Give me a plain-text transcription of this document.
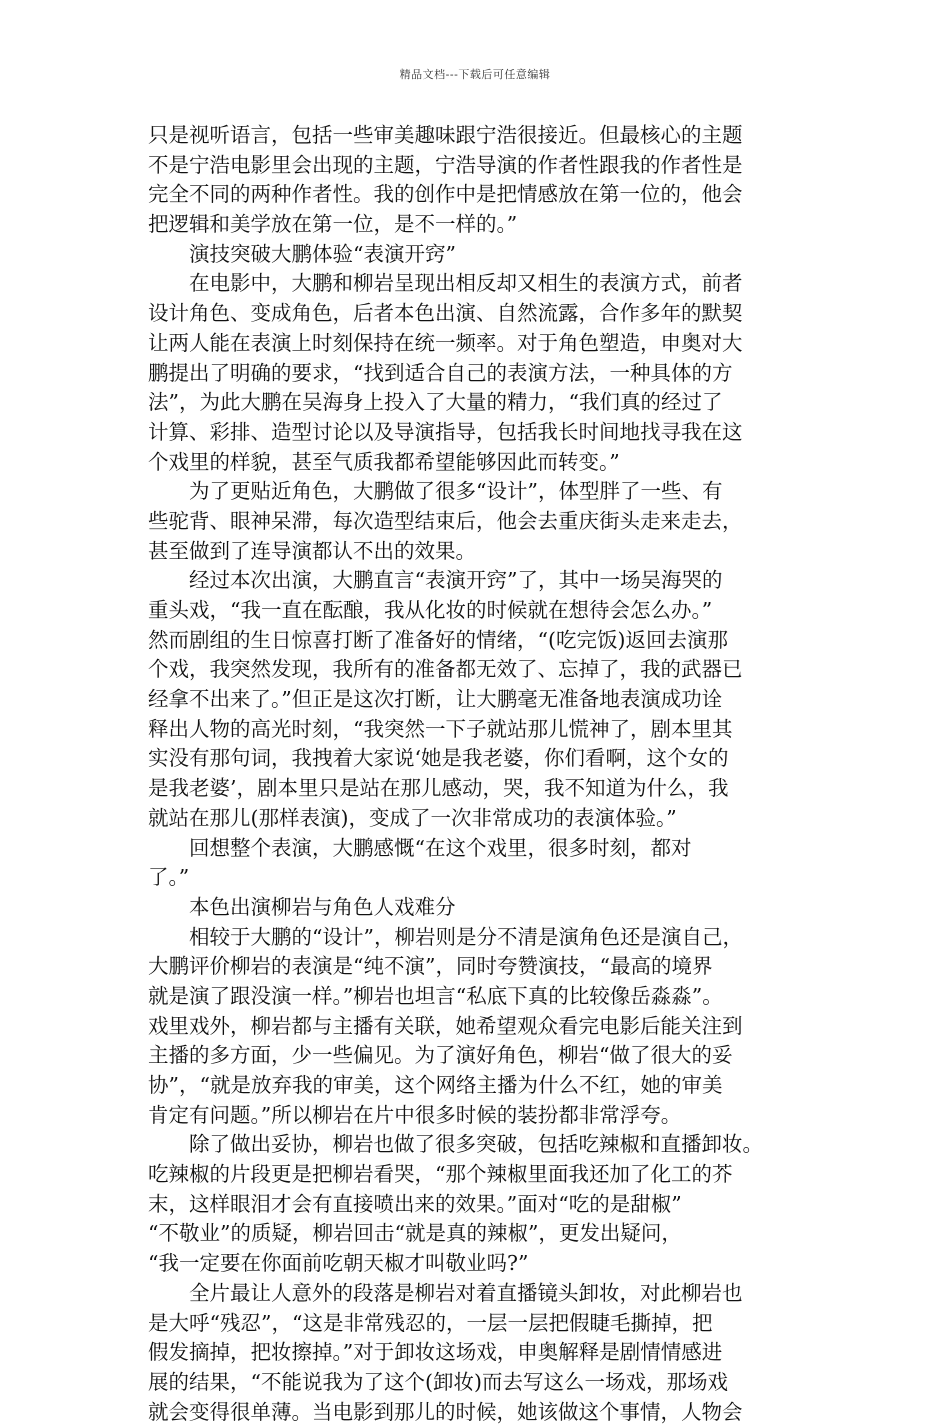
精品文档---下载后可任意编辑
只是视听语言，包括一些审美趣味跟宁浩很接近。但最核心的主题
不是宁浩电影里会出现的主题，宁浩导演的作者性跟我的作者性是
完全不同的两种作者性。我的创作中是把情感放在第一位的，他会
把逻辑和美学放在第一位，是不一样的。”
演技突破大鹏体验“表演开窍”
在电影中，大鹏和柳岩呈现出相反却又相生的表演方式，前者
设计角色、变成角色，后者本色出演、自然流露，合作多年的默契
让两人能在表演上时刻保持在统一频率。对于角色塑造，申奥对大
鹏提出了明确的要求，“找到适合自己的表演方法，一种具体的方
法”，为此大鹏在吴海身上投入了大量的精力，“我们真的经过了
计算、彩排、造型讨论以及导演指导，包括我长时间地找寻我在这
个戏里的样貌，甚至气质我都希望能够因此而转变。”
为了更贴近角色，大鹏做了很多“设计”，体型胖了一些、有
些驼背、眼神呆滞，每次造型结束后，他会去重庆街头走来走去，
甚至做到了连导演都认不出的效果。
经过本次出演，大鹏直言“表演开窍”了，其中一场吴海哭的
重头戏，“我一直在酝酿，我从化妆的时候就在想待会怎么办。”
然而剧组的生日惊喜打断了准备好的情绪，“(吃完饭)返回去演那
个戏，我突然发现，我所有的准备都无效了、忘掉了，我的武器已
经拿不出来了。”但正是这次打断，让大鹏毫无准备地表演成功诠
释出人物的高光时刻，“我突然一下子就站那儿慌神了，剧本里其
实没有那句词，我拽着大家说‘她是我老婆，你们看啊，这个女的
是我老婆’，剧本里只是站在那儿感动，哭，我不知道为什么，我
就站在那儿(那样表演)，变成了一次非常成功的表演体验。”
回想整个表演，大鹏感慨“在这个戏里，很多时刻，都对
了。”
本色出演柳岩与角色人戏难分
相较于大鹏的“设计”，柳岩则是分不清是演角色还是演自己，
大鹏评价柳岩的表演是“纯不演”，同时夸赞演技，“最高的境界
就是演了跟没演一样。”柳岩也坦言“私底下真的比较像岳淼淼”。
戏里戏外，柳岩都与主播有关联，她希望观众看完电影后能关注到
主播的多方面，少一些偏见。为了演好角色，柳岩“做了很大的妥
协”，“就是放弃我的审美，这个网络主播为什么不红，她的审美
肯定有问题。”所以柳岩在片中很多时候的装扮都非常浮夸。
除了做出妥协，柳岩也做了很多突破，包括吃辣椒和直播卸妆。
吃辣椒的片段更是把柳岩看哭，“那个辣椒里面我还加了化工的芥
末，这样眼泪才会有直接喷出来的效果。”面对“吃的是甜椒”
“不敬业”的质疑，柳岩回击“就是真的辣椒”，更发出疑问，
“我一定要在你面前吃朝天椒才叫敬业吗?”
全片最让人意外的段落是柳岩对着直播镜头卸妆，对此柳岩也
是大呼“残忍”，“这是非常残忍的，一层一层把假睫毛撕掉，把
假发摘掉，把妆擦掉。”对于卸妆这场戏，申奥解释是剧情情感进
展的结果，“不能说我为了这个(卸妆)而去写这么一场戏，那场戏
就会变得很单薄。当电影到那儿的时候，她该做这个事情，人物会
